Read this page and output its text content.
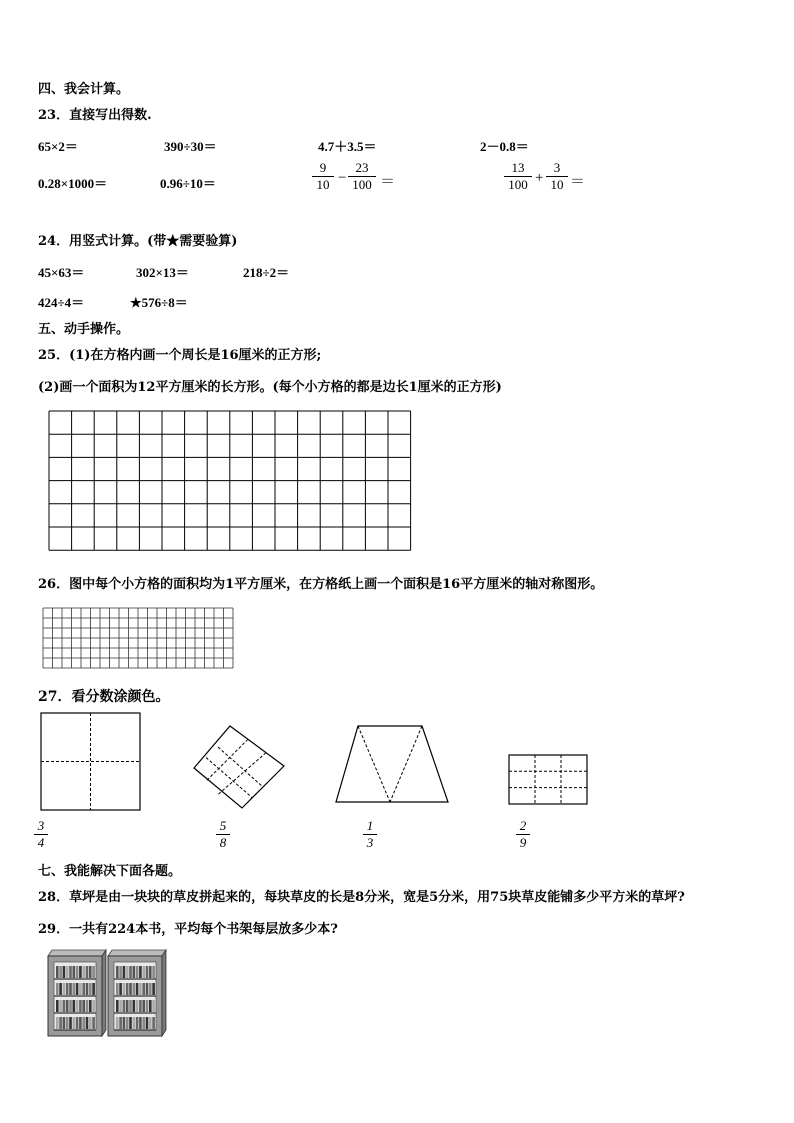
四、我会计算。
23．直接写出得数.
65×2＝	390÷30＝	4.7＋3.5＝	2－0.8＝
0.28×1000＝	0.96÷10＝	$\frac{9}{10} - \frac{23}{100}$ ＝	$\frac{13}{100} + \frac{3}{10}$ ＝
24．用竖式计算。(带★需要验算)
45×63＝	302×13＝	218÷2＝
424÷4＝	★576÷8＝
五、动手操作。
25．(1)在方格内画一个周长是16厘米的正方形;
(2)画一个面积为12平方厘米的长方形。(每个小方格的都是边长1厘米的正方形)
26．图中每个小方格的面积均为1平方厘米，在方格纸上画一个面积是16平方厘米的轴对称图形。
27．看分数涂颜色。
$\frac{3}{4}$	$\frac{5}{8}$	$\frac{1}{3}$	$\frac{2}{9}$
七、我能解决下面各题。
28．草坪是由一块块的草皮拼起来的，每块草皮的长是8分米，宽是5分米，用75块草皮能铺多少平方米的草坪?
29．一共有224本书，平均每个书架每层放多少本?
